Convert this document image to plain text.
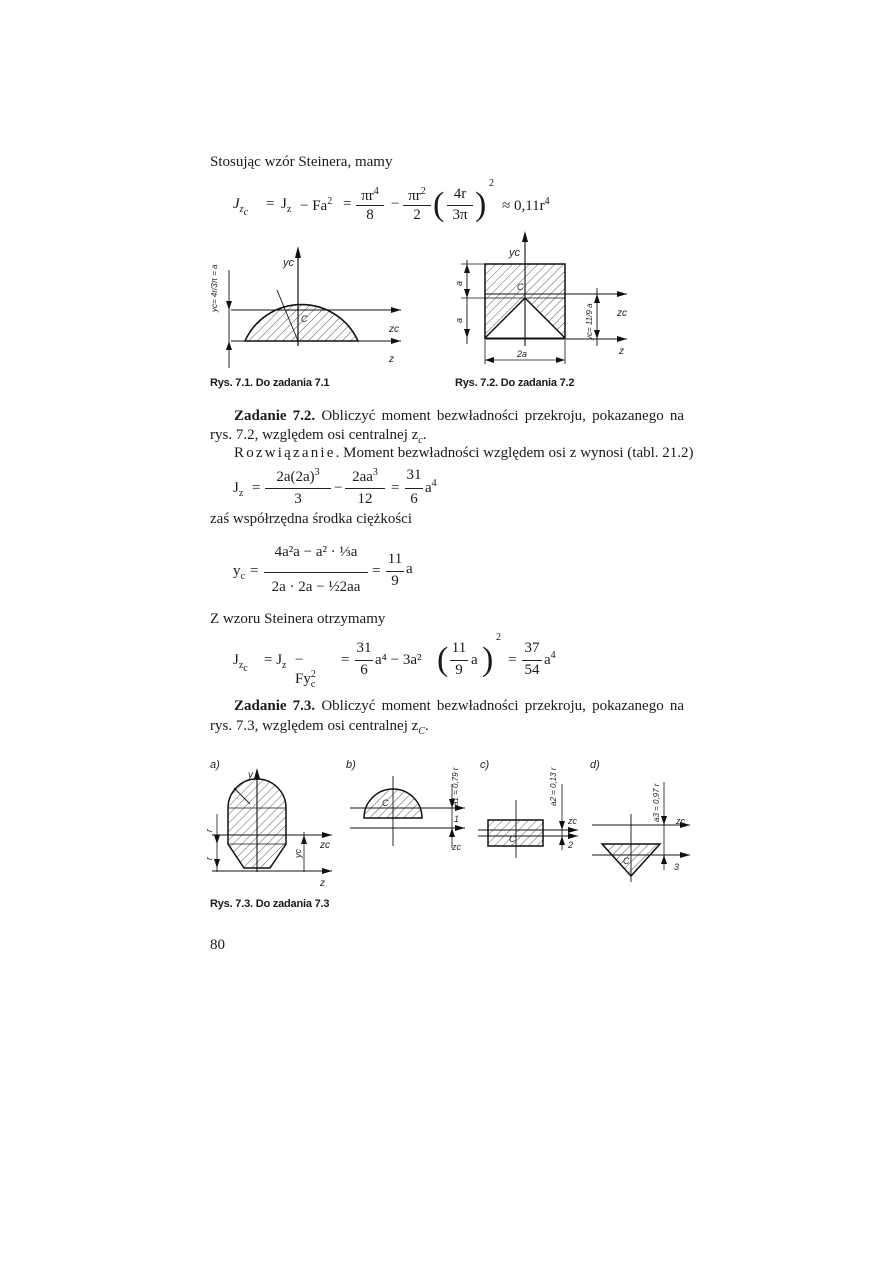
Stosując wzór Steinera, mamy
$J_{z_c}$
= $J_z - Fa^2 = \pi r^4$
8
− $\pi r^2$
2 ( 4r
3π )
2
≈ $0,11r^4$
yc
C
zc
z
yc= 4r/3π = a
Rys. 7.1. Do zadania 7.1
yc
C
zc
z
a
a
2a
yc= 11/9 a
Rys. 7.2. Do zadania 7.2
Zadanie 7.2. Obliczyć moment bezwładności przekroju, pokazanego na rys. 7.2, względem osi centralnej $z_c$.
Rozwiązanie. Moment bezwładności względem osi z wynosi (tabl. 21.2)
$J_z$ =
$2a(2a)^3$
3
−
$2aa^3$
12
=
31
6
$a^4$
zaś współrzędna środka ciężkości
$y_c$ =
4a²a − a² · ⅓a
2a · 2a − ½2aa
=
11
9
a
Z wzoru Steinera otrzymamy
$J_{z_c}$
= $J_z - Fy^2_c$
=
31
6
a⁴ − 3a² ( 11
9
a )
2
=
37
54
$a^4$
Zadanie 7.3. Obliczyć moment bezwładności przekroju, pokazanego na rys. 7.3, względem osi centralnej $z_C$.
a)	b)	c)	d)
y
zc
z
r
r
yc
C	a1 = 0,79 r
1
zc
C
a2 = 0,13 r
zc
2
C
a3 = 0,97 r zc
3
Rys. 7.3. Do zadania 7.3
80
